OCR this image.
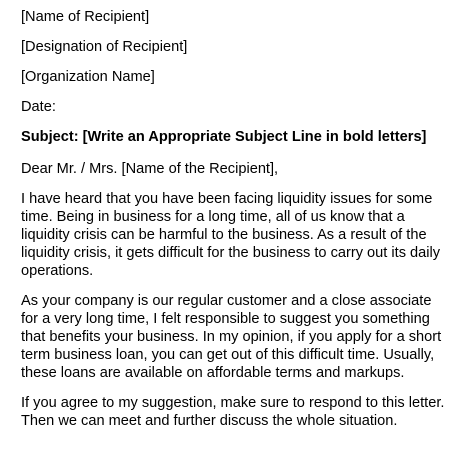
[Name of Recipient]

[Designation of Recipient]

[Organization Name]

Date:

Subject: [Write an Appropriate Subject Line in bold letters]

Dear Mr. / Mrs. [Name of the Recipient],

I have heard that you have been facing liquidity issues for some
time. Being in business for a long time, all of us know that a
liquidity crisis can be harmful to the business. As a result of the
liquidity crisis, it gets difficult for the business to carry out its daily
operations.
As your company is our regular customer and a close associate
for a very long time, I felt responsible to suggest you something
that benefits your business. In my opinion, if you apply for a short
term business loan, you can get out of this difficult time. Usually,
these loans are available on affordable terms and markups.
If you agree to my suggestion, make sure to respond to this letter.
Then we can meet and further discuss the whole situation.
